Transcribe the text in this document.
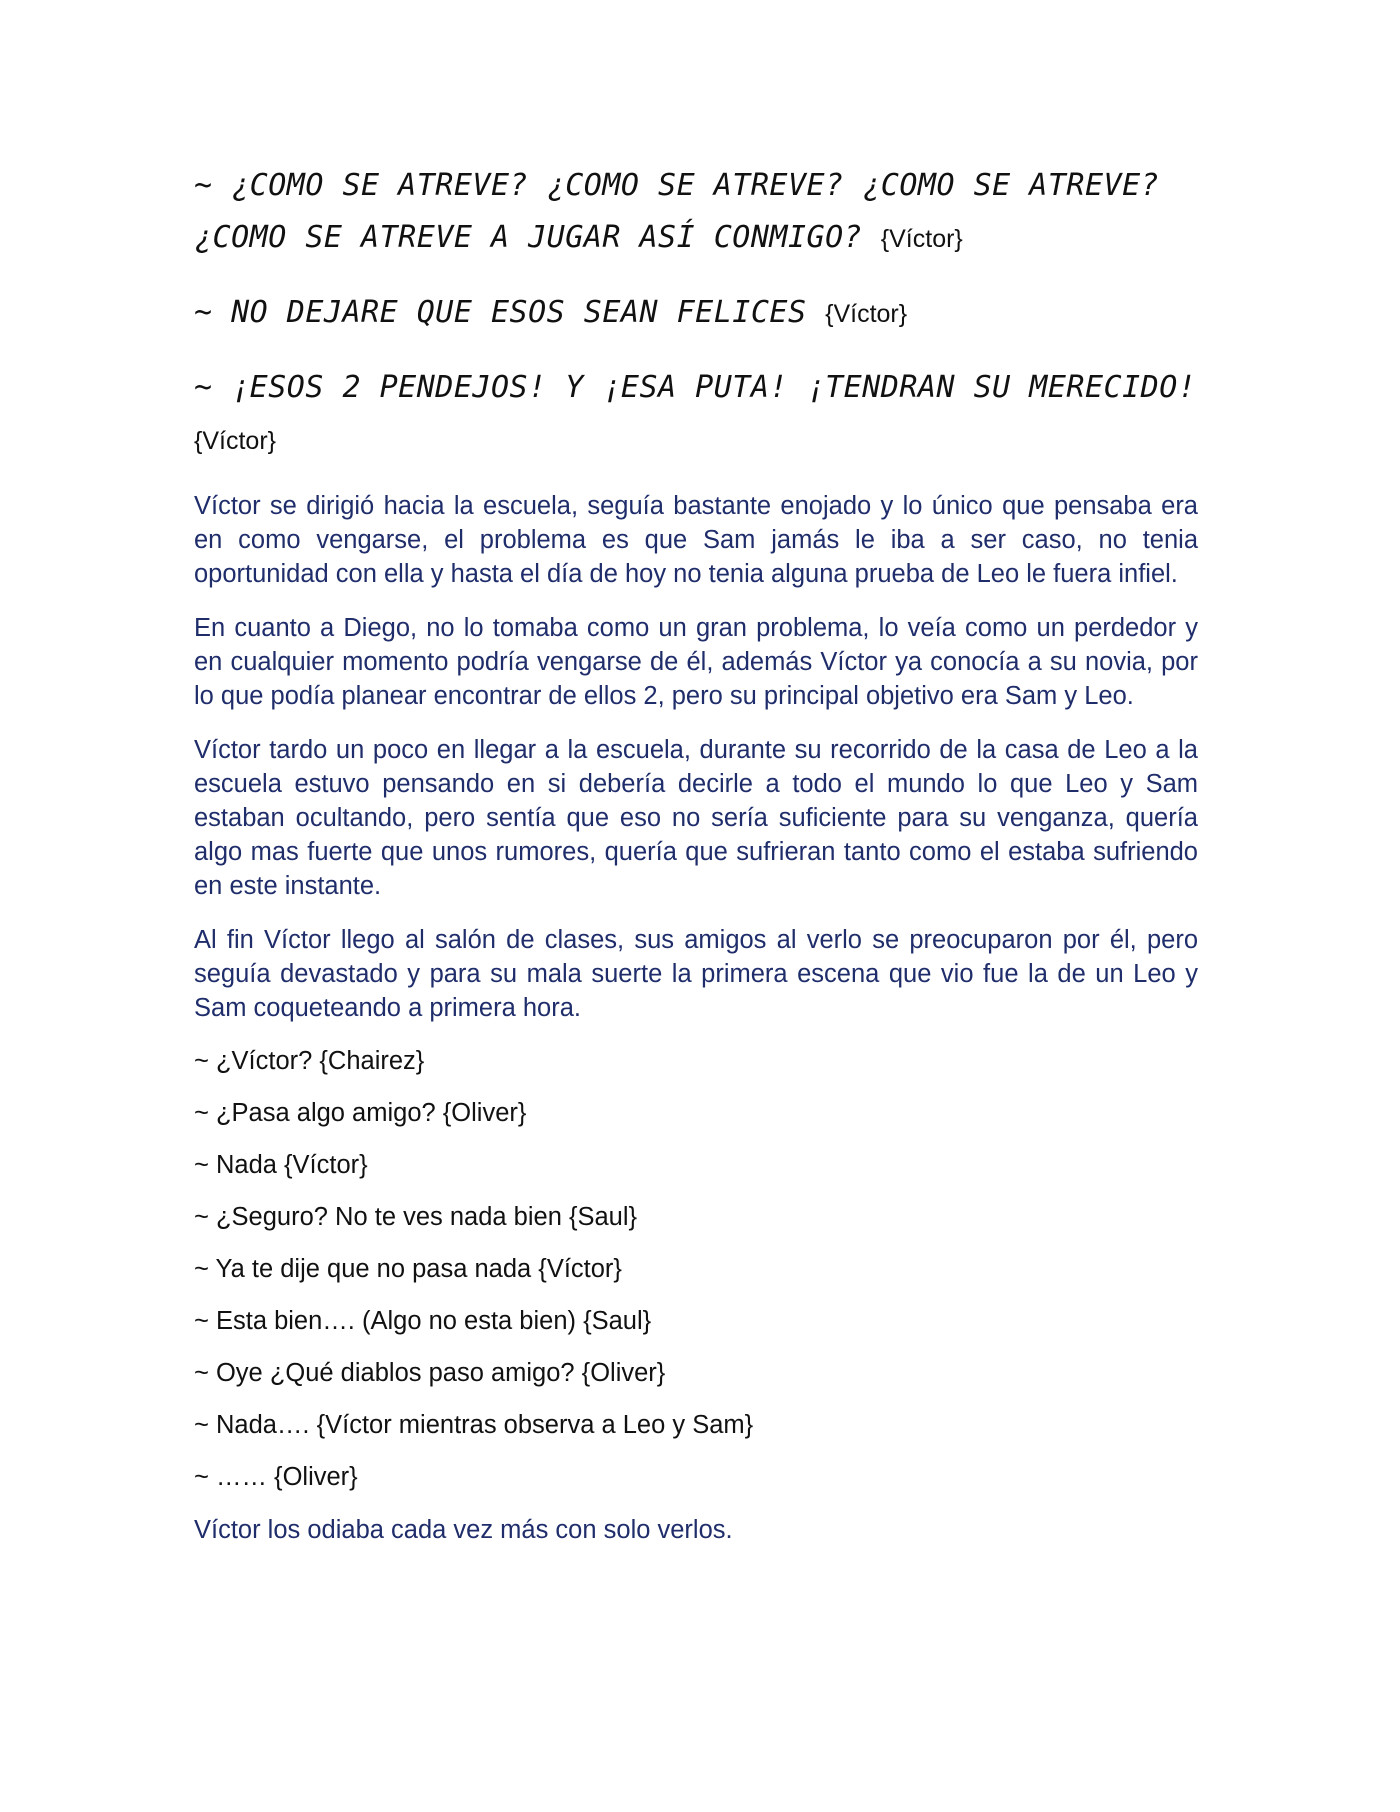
~ ¿COMO SE ATREVE? ¿COMO SE ATREVE? ¿COMO SE ATREVE? ¿COMO SE ATREVE A JUGAR ASÍ CONMIGO? {Víctor}

~ NO DEJARE QUE ESOS SEAN FELICES {Víctor}

~ ¡ESOS 2 PENDEJOS! Y ¡ESA PUTA! ¡TENDRAN SU MERECIDO! {Víctor}

Víctor se dirigió hacia la escuela, seguía bastante enojado y lo único que pensaba era en como vengarse, el problema es que Sam jamás le iba a ser caso, no tenia oportunidad con ella y hasta el día de hoy no tenia alguna prueba de Leo le fuera infiel.

En cuanto a Diego, no lo tomaba como un gran problema, lo veía como un perdedor y en cualquier momento podría vengarse de él, además Víctor ya conocía a su novia, por lo que podía planear encontrar de ellos 2, pero su principal objetivo era Sam y Leo.

Víctor tardo un poco en llegar a la escuela, durante su recorrido de la casa de Leo a la escuela estuvo pensando en si debería decirle a todo el mundo lo que Leo y Sam estaban ocultando, pero sentía que eso no sería suficiente para su venganza, quería algo mas fuerte que unos rumores, quería que sufrieran tanto como el estaba sufriendo en este instante.

Al fin Víctor llego al salón de clases, sus amigos al verlo se preocuparon por él, pero seguía devastado y para su mala suerte la primera escena que vio fue la de un Leo y Sam coqueteando a primera hora.

~ ¿Víctor? {Chairez}

~ ¿Pasa algo amigo? {Oliver}

~ Nada {Víctor}

~ ¿Seguro? No te ves nada bien {Saul}

~ Ya te dije que no pasa nada {Víctor}

~ Esta bien…. (Algo no esta bien) {Saul}

~ Oye ¿Qué diablos paso amigo? {Oliver}

~ Nada…. {Víctor mientras observa a Leo y Sam}

~ …… {Oliver}

Víctor los odiaba cada vez más con solo verlos.
